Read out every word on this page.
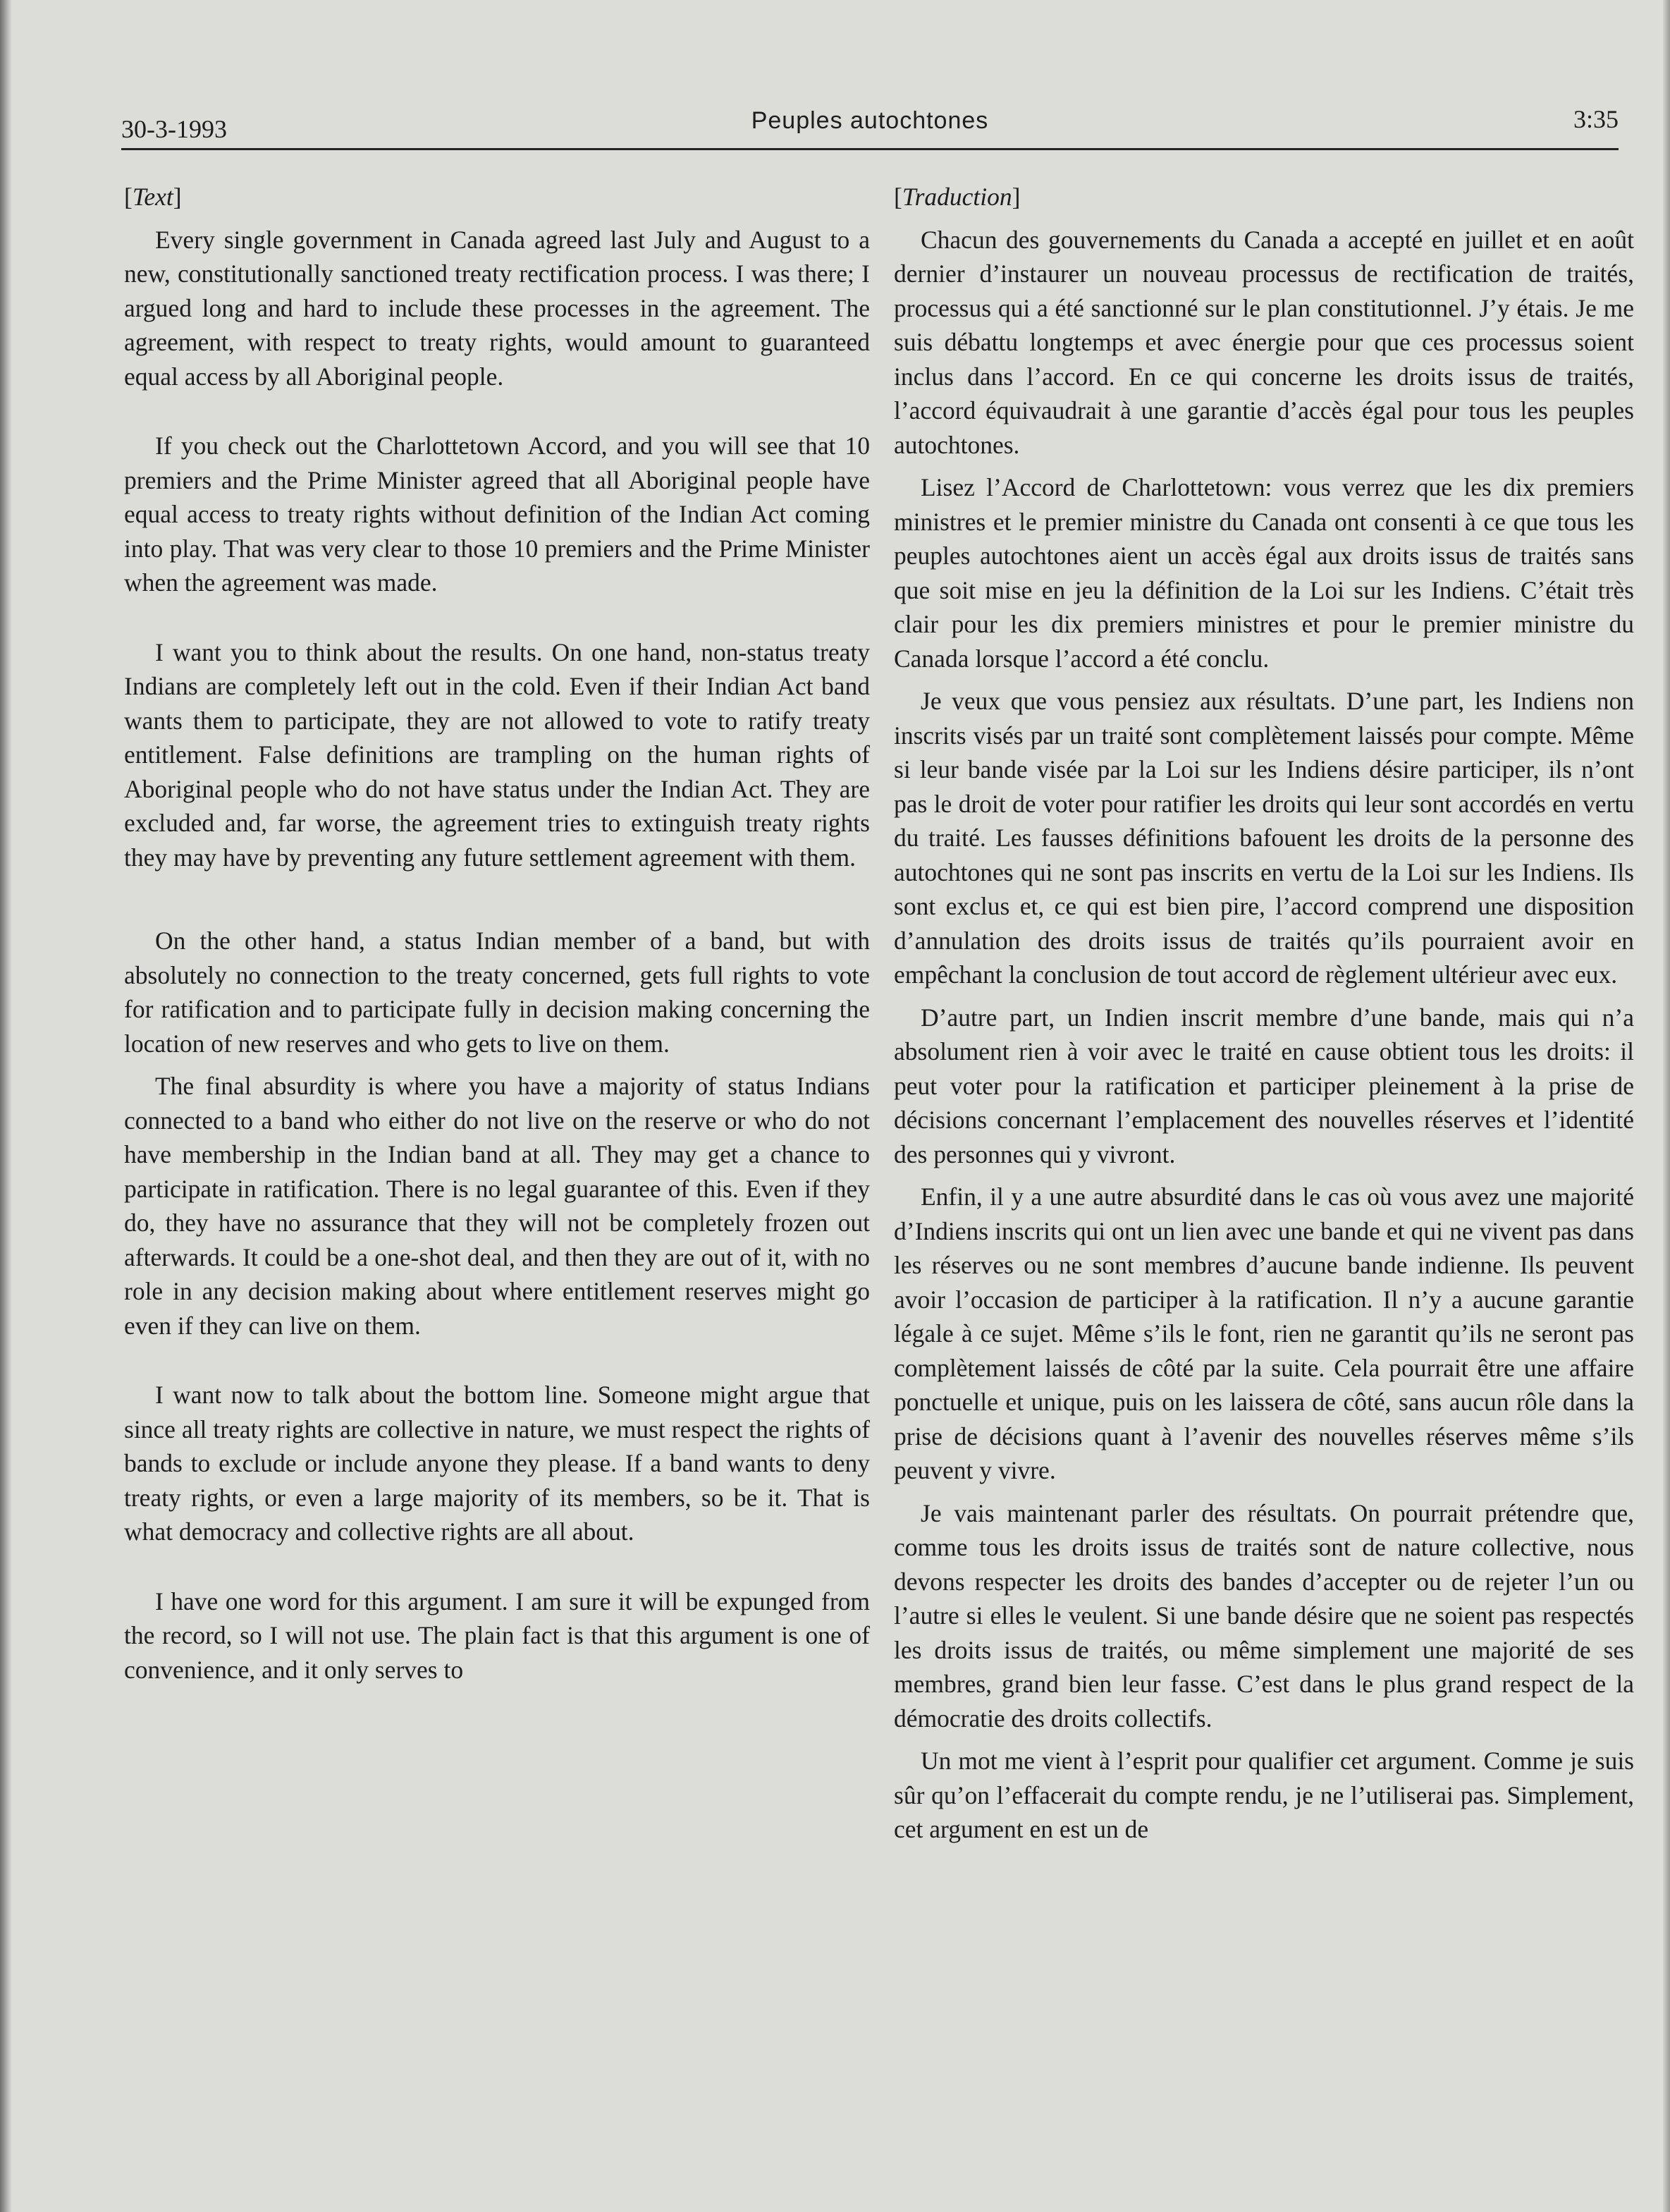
30-3-1993	Peuples autochtones	3:35
[Text]

Every single government in Canada agreed last July and August to a new, constitutionally sanctioned treaty rectification process. I was there; I argued long and hard to include these processes in the agreement. The agreement, with respect to treaty rights, would amount to guaranteed equal access by all Aboriginal people.

If you check out the Charlottetown Accord, and you will see that 10 premiers and the Prime Minister agreed that all Aboriginal people have equal access to treaty rights without definition of the Indian Act coming into play. That was very clear to those 10 premiers and the Prime Minister when the agreement was made.

I want you to think about the results. On one hand, non-status treaty Indians are completely left out in the cold. Even if their Indian Act band wants them to participate, they are not allowed to vote to ratify treaty entitlement. False definitions are trampling on the human rights of Aboriginal people who do not have status under the Indian Act. They are excluded and, far worse, the agreement tries to extinguish treaty rights they may have by preventing any future settlement agreement with them.

On the other hand, a status Indian member of a band, but with absolutely no connection to the treaty concerned, gets full rights to vote for ratification and to participate fully in decision making concerning the location of new reserves and who gets to live on them.

The final absurdity is where you have a majority of status Indians connected to a band who either do not live on the reserve or who do not have membership in the Indian band at all. They may get a chance to participate in ratification. There is no legal guarantee of this. Even if they do, they have no assurance that they will not be completely frozen out afterwards. It could be a one-shot deal, and then they are out of it, with no role in any decision making about where entitlement reserves might go even if they can live on them.

I want now to talk about the bottom line. Someone might argue that since all treaty rights are collective in nature, we must respect the rights of bands to exclude or include anyone they please. If a band wants to deny treaty rights, or even a large majority of its members, so be it. That is what democracy and collective rights are all about.

I have one word for this argument. I am sure it will be expunged from the record, so I will not use. The plain fact is that this argument is one of convenience, and it only serves to

[Traduction]

Chacun des gouvernements du Canada a accepté en juillet et en août dernier d’instaurer un nouveau processus de rectification de traités, processus qui a été sanctionné sur le plan constitutionnel. J’y étais. Je me suis débattu longtemps et avec énergie pour que ces processus soient inclus dans l’accord. En ce qui concerne les droits issus de traités, l’accord équivaudrait à une garantie d’accès égal pour tous les peuples autochtones.

Lisez l’Accord de Charlottetown: vous verrez que les dix premiers ministres et le premier ministre du Canada ont consenti à ce que tous les peuples autochtones aient un accès égal aux droits issus de traités sans que soit mise en jeu la définition de la Loi sur les Indiens. C’était très clair pour les dix premiers ministres et pour le premier ministre du Canada lorsque l’accord a été conclu.

Je veux que vous pensiez aux résultats. D’une part, les Indiens non inscrits visés par un traité sont complètement laissés pour compte. Même si leur bande visée par la Loi sur les Indiens désire participer, ils n’ont pas le droit de voter pour ratifier les droits qui leur sont accordés en vertu du traité. Les fausses définitions bafouent les droits de la personne des autochtones qui ne sont pas inscrits en vertu de la Loi sur les Indiens. Ils sont exclus et, ce qui est bien pire, l’accord comprend une disposition d’annulation des droits issus de traités qu’ils pourraient avoir en empêchant la conclusion de tout accord de règlement ultérieur avec eux.

D’autre part, un Indien inscrit membre d’une bande, mais qui n’a absolument rien à voir avec le traité en cause obtient tous les droits: il peut voter pour la ratification et participer pleinement à la prise de décisions concernant l’emplacement des nouvelles réserves et l’identité des personnes qui y vivront.

Enfin, il y a une autre absurdité dans le cas où vous avez une majorité d’Indiens inscrits qui ont un lien avec une bande et qui ne vivent pas dans les réserves ou ne sont membres d’aucune bande indienne. Ils peuvent avoir l’occasion de participer à la ratification. Il n’y a aucune garantie légale à ce sujet. Même s’ils le font, rien ne garantit qu’ils ne seront pas complètement laissés de côté par la suite. Cela pourrait être une affaire ponctuelle et unique, puis on les laissera de côté, sans aucun rôle dans la prise de décisions quant à l’avenir des nouvelles réserves même s’ils peuvent y vivre.

Je vais maintenant parler des résultats. On pourrait prétendre que, comme tous les droits issus de traités sont de nature collective, nous devons respecter les droits des bandes d’accepter ou de rejeter l’un ou l’autre si elles le veulent. Si une bande désire que ne soient pas respectés les droits issus de traités, ou même simplement une majorité de ses membres, grand bien leur fasse. C’est dans le plus grand respect de la démocratie des droits collectifs.

Un mot me vient à l’esprit pour qualifier cet argument. Comme je suis sûr qu’on l’effacerait du compte rendu, je ne l’utiliserai pas. Simplement, cet argument en est un de
